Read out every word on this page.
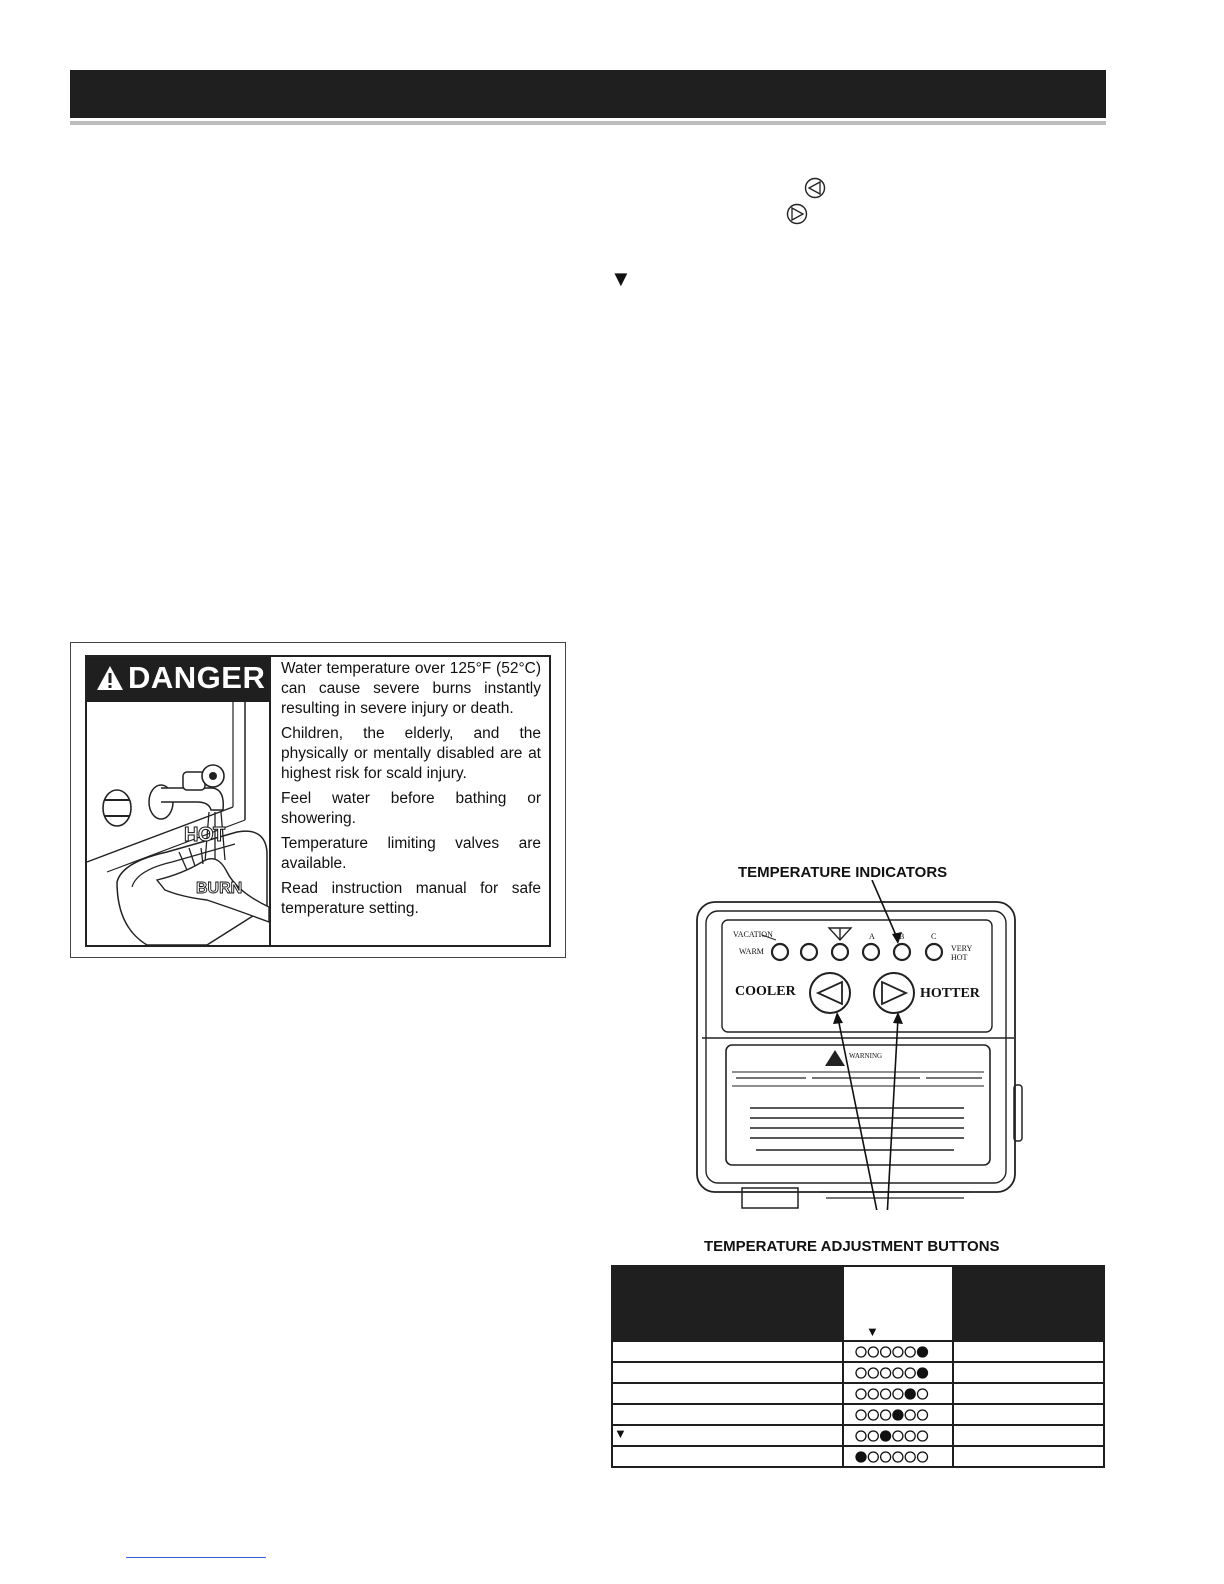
▼
DANGER
HOT
BURN

Water temperature over 125°F (52°C) can cause severe burns instantly resulting in severe injury or death.

Children, the elderly, and the physically or mentally disabled are at highest risk for scald injury.

Feel water before bathing or showering.

Temperature limiting valves are available.

Read instruction manual for safe temperature setting.

TEMPERATURE INDICATORS
TEMPERATURE ADJUSTMENT BUTTONS
VACATION
WARM
A	B	C
VERY
HOT
COOLER	HOTTER
WARNING
▼
▼
